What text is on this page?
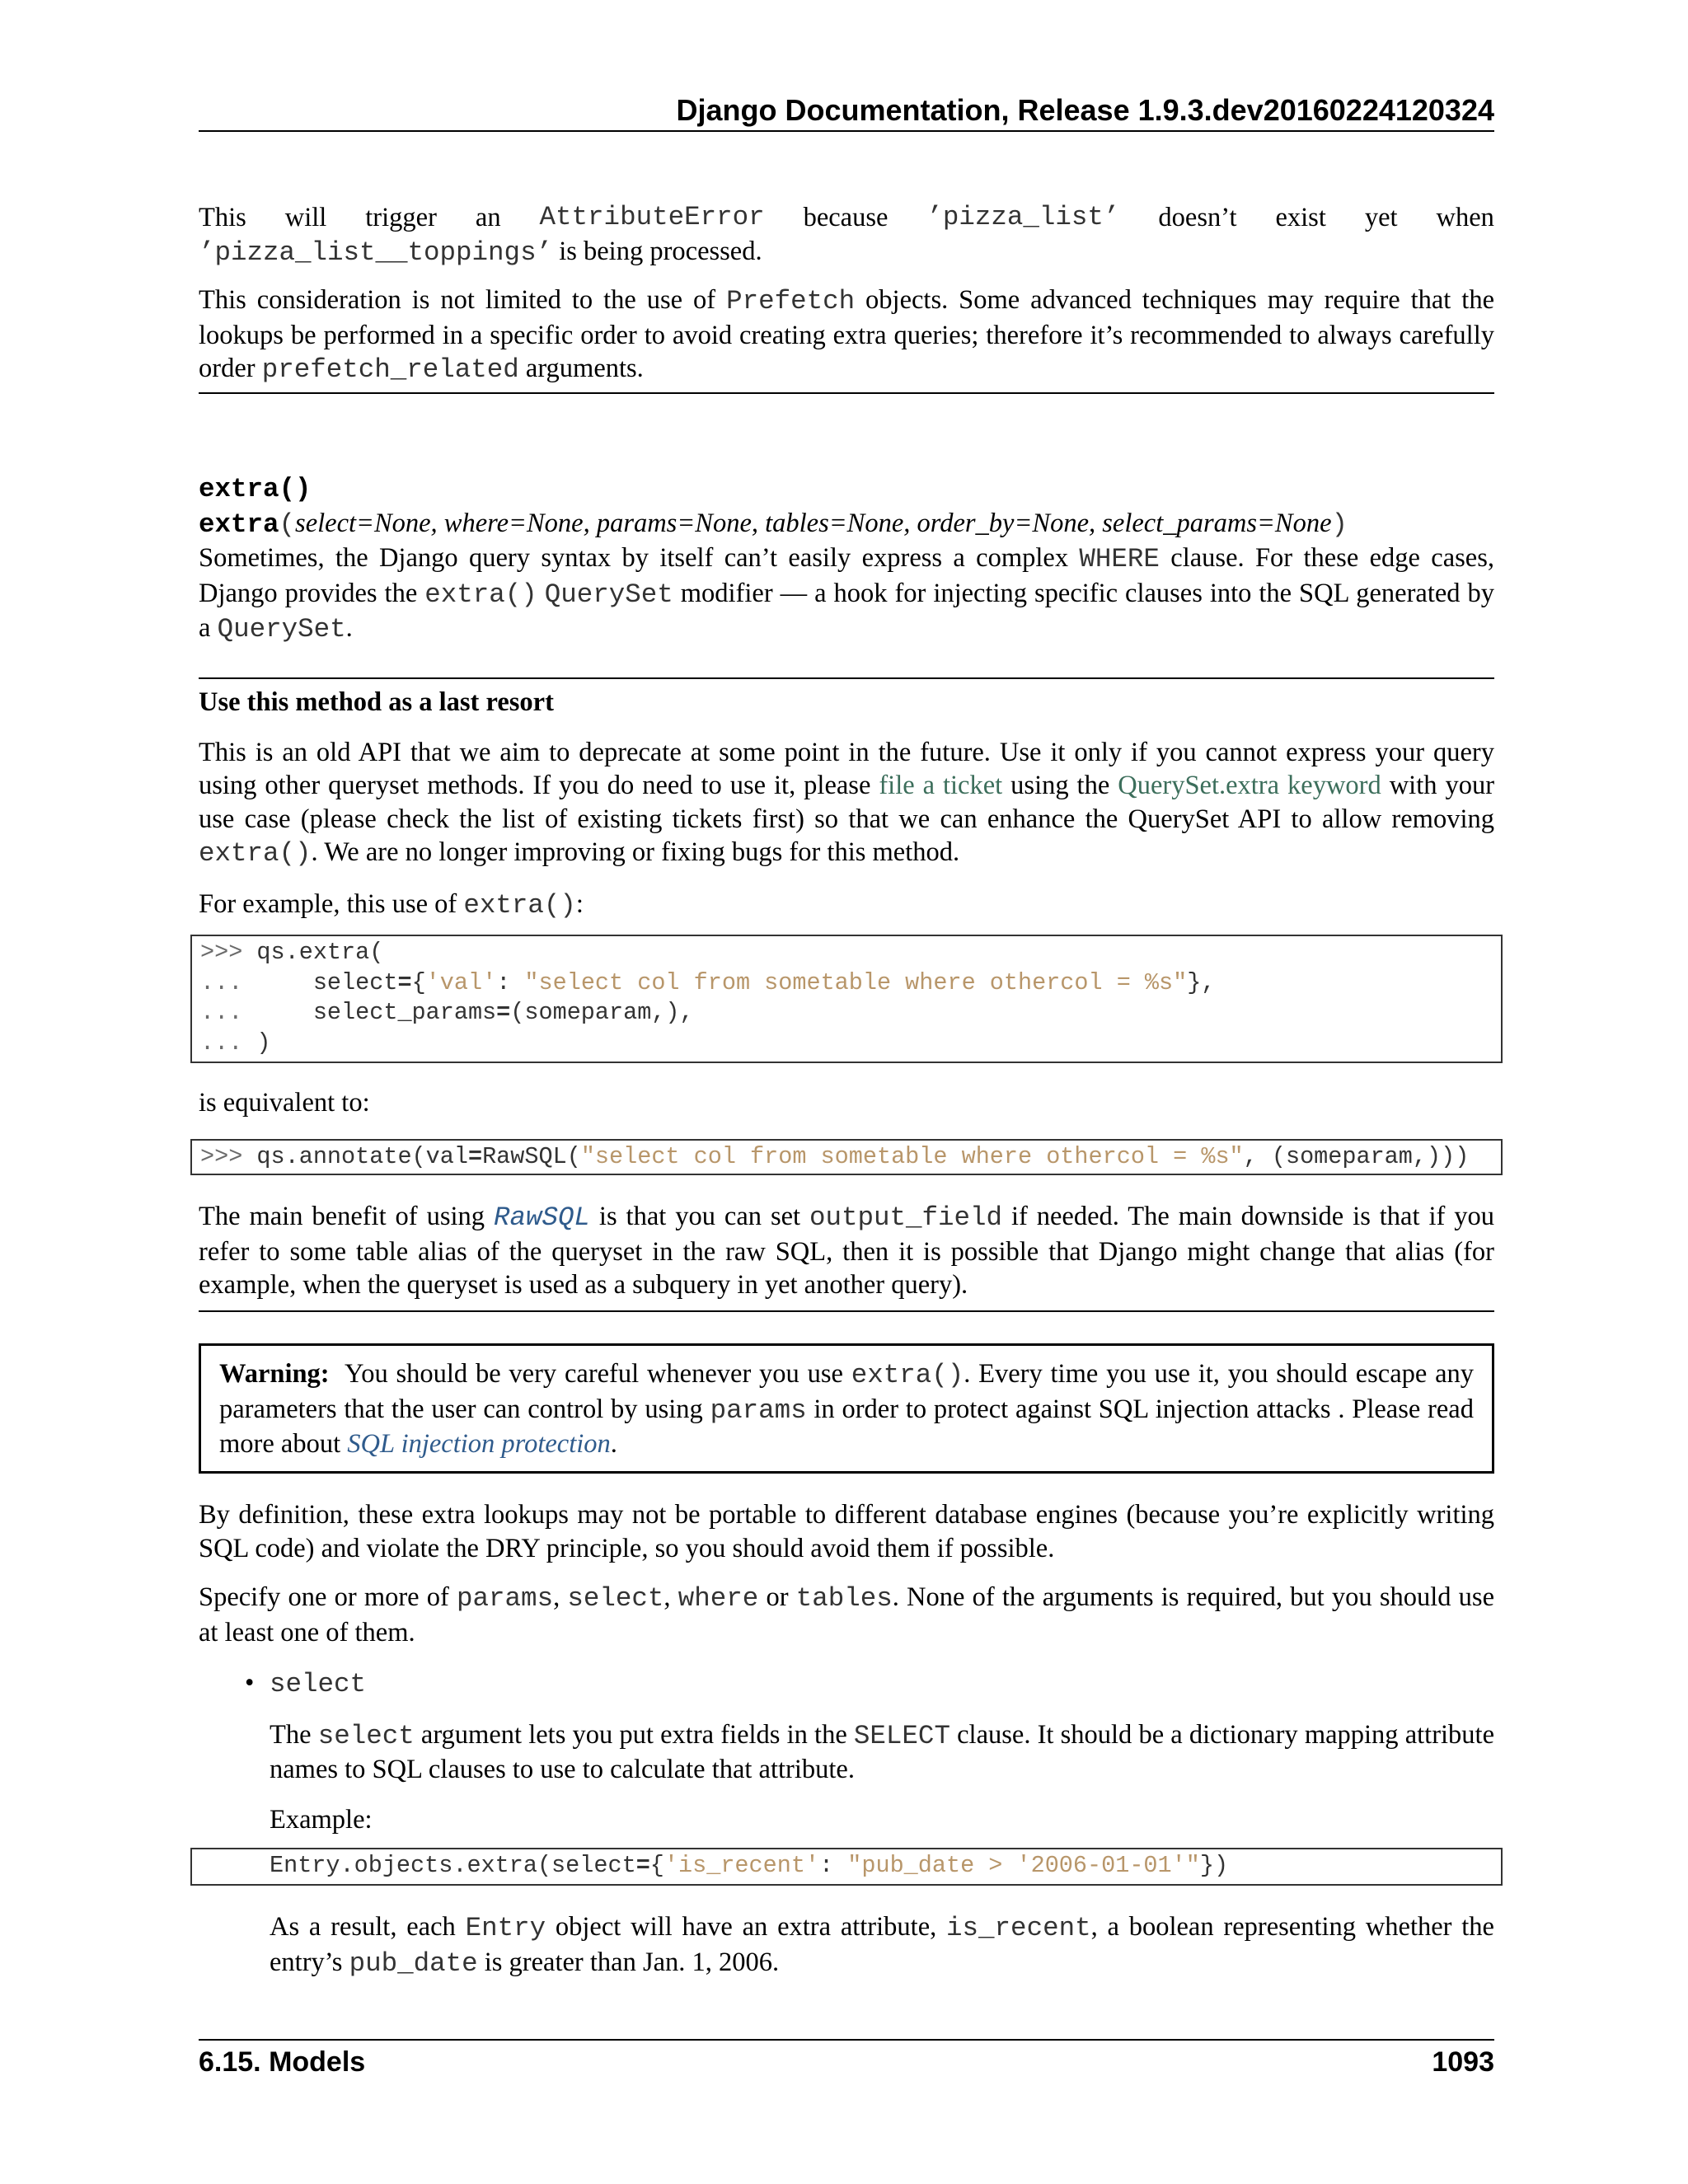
Django Documentation, Release 1.9.3.dev20160224120324
This will trigger an AttributeError because ’pizza_list’ doesn’t exist yet when
’pizza_list__toppings’ is being processed.

This consideration is not limited to the use of Prefetch objects. Some advanced techniques may require that the lookups be performed in a specific order to avoid creating extra queries; therefore it’s recommended to always carefully order prefetch_related arguments.

extra()
extra(select=None, where=None, params=None, tables=None, order_by=None, select_params=None)

Sometimes, the Django query syntax by itself can’t easily express a complex WHERE clause. For these edge cases, Django provides the extra() QuerySet modifier — a hook for injecting specific clauses into the SQL generated by a QuerySet.

Use this method as a last resort

This is an old API that we aim to deprecate at some point in the future. Use it only if you cannot express your query using other queryset methods. If you do need to use it, please file a ticket using the QuerySet.extra keyword with your use case (please check the list of existing tickets first) so that we can enhance the QuerySet API to allow removing extra(). We are no longer improving or fixing bugs for this method.

For example, this use of extra():

>>> qs.extra(
...     select={'val': "select col from sometable where othercol = %s"},
...     select_params=(someparam,),
... )

is equivalent to:

>>> qs.annotate(val=RawSQL("select col from sometable where othercol = %s", (someparam,)))

The main benefit of using RawSQL is that you can set output_field if needed. The main downside is that if you refer to some table alias of the queryset in the raw SQL, then it is possible that Django might change that alias (for example, when the queryset is used as a subquery in yet another query).

Warning:  You should be very careful whenever you use extra(). Every time you use it, you should escape any parameters that the user can control by using params in order to protect against SQL injection attacks . Please read more about SQL injection protection.

By definition, these extra lookups may not be portable to different database engines (because you’re explicitly writing SQL code) and violate the DRY principle, so you should avoid them if possible.

Specify one or more of params, select, where or tables. None of the arguments is required, but you should use at least one of them.

• select

The select argument lets you put extra fields in the SELECT clause. It should be a dictionary mapping attribute names to SQL clauses to use to calculate that attribute.

Example:

Entry.objects.extra(select={'is_recent': "pub_date > '2006-01-01'"})

As a result, each Entry object will have an extra attribute, is_recent, a boolean representing whether the entry’s pub_date is greater than Jan. 1, 2006.

6.15. Models	1093
